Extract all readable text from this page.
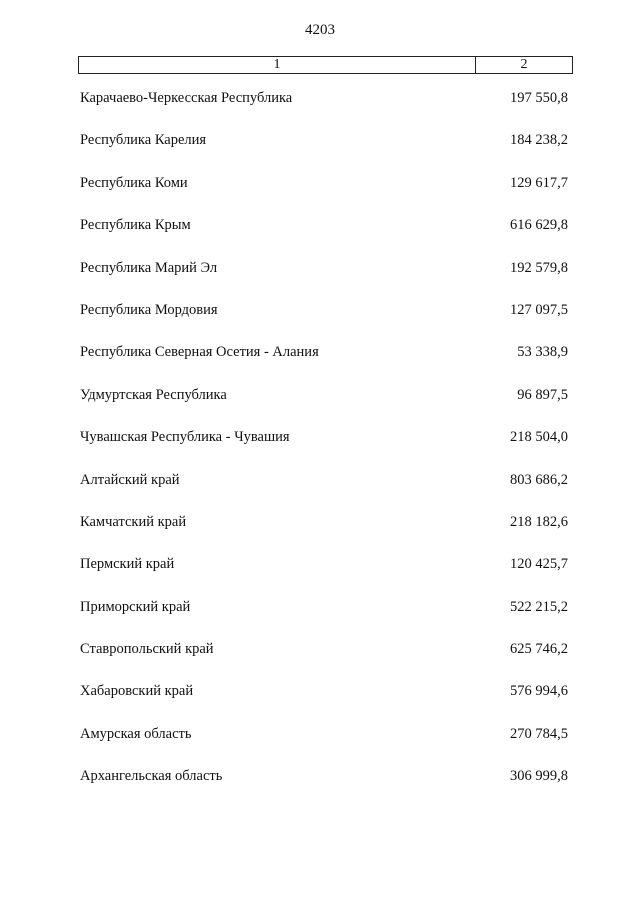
4203
1	2
Карачаево-Черкесская Республика	197 550,8
Республика Карелия	184 238,2
Республика Коми	129 617,7
Республика Крым	616 629,8
Республика Марий Эл	192 579,8
Республика Мордовия	127 097,5
Республика Северная Осетия - Алания	53 338,9
Удмуртская Республика	96 897,5
Чувашская Республика - Чувашия	218 504,0
Алтайский край	803 686,2
Камчатский край	218 182,6
Пермский край	120 425,7
Приморский край	522 215,2
Ставропольский край	625 746,2
Хабаровский край	576 994,6
Амурская область	270 784,5
Архангельская область	306 999,8
